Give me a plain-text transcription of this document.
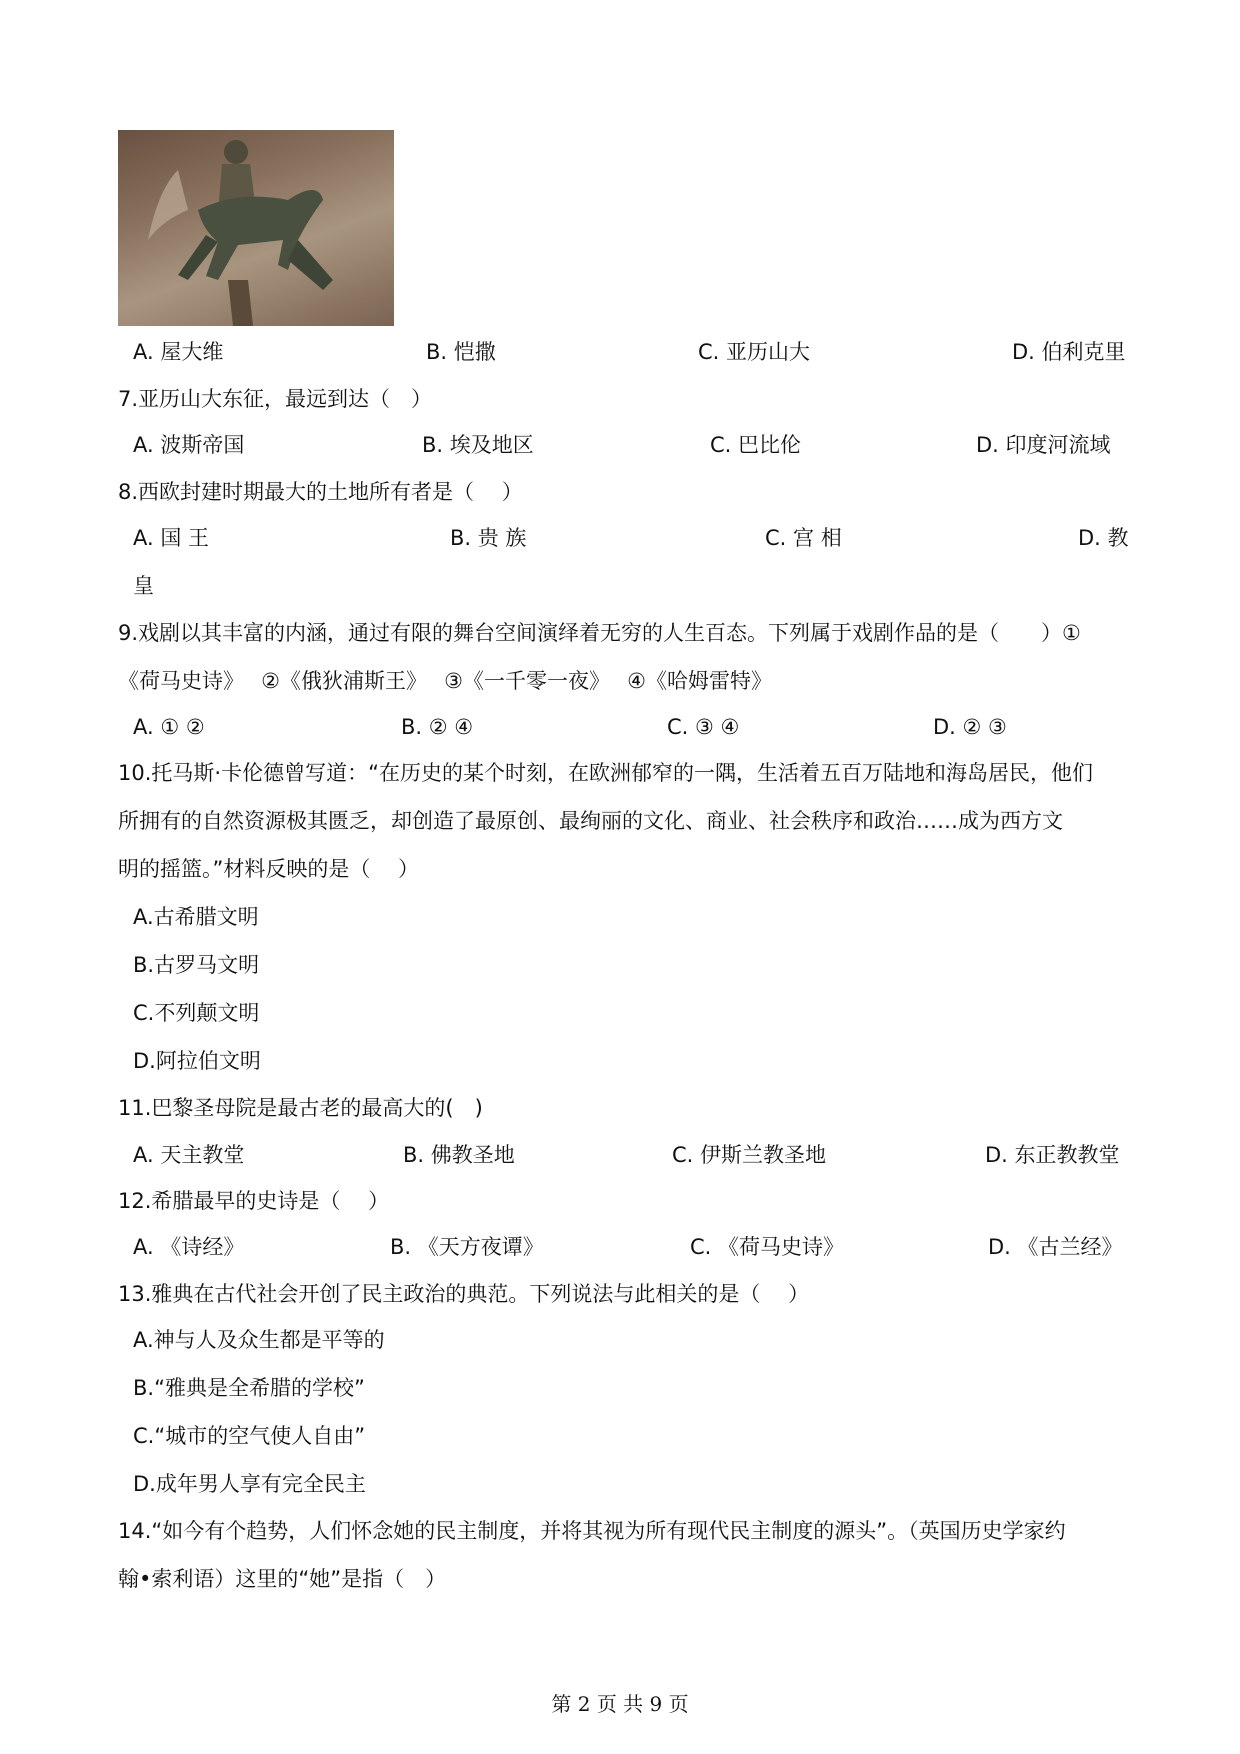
A. 屋大维	B. 恺撒	C. 亚历山大	D. 伯利克里
7.亚历山大东征，最远到达（　）
A. 波斯帝国	B. 埃及地区	C. 巴比伦	D. 印度河流域
8.西欧封建时期最大的土地所有者是（　 ）
A. 国 王	B. 贵 族	C. 宫 相	D. 教
皇
9.戏剧以其丰富的内涵，通过有限的舞台空间演绎着无穷的人生百态。下列属于戏剧作品的是（　　）①
《荷马史诗》　 ②《俄狄浦斯王》　 ③《一千零一夜》　 ④《哈姆雷特》
A. ① ②	B. ② ④	C. ③ ④	D. ② ③
10.托马斯·卡伦德曾写道：“在历史的某个时刻，在欧洲郁窄的一隅，生活着五百万陆地和海岛居民，他们
所拥有的自然资源极其匮乏，却创造了最原创、最绚丽的文化、商业、社会秩序和政治……成为西方文
明的摇篮。”材料反映的是（　 ）
A.古希腊文明
B.古罗马文明
C.不列颠文明
D.阿拉伯文明
11.巴黎圣母院是最古老的最高大的(　)
A. 天主教堂	B. 佛教圣地	C. 伊斯兰教圣地	D. 东正教教堂
12.希腊最早的史诗是（　 ）
A. 《诗经》	B. 《天方夜谭》	C. 《荷马史诗》	D. 《古兰经》
13.雅典在古代社会开创了民主政治的典范。下列说法与此相关的是（　 ）
A.神与人及众生都是平等的
B.“雅典是全希腊的学校”
C.“城市的空气使人自由”
D.成年男人享有完全民主
14.“如今有个趋势，人们怀念她的民主制度，并将其视为所有现代民主制度的源头”。（英国历史学家约
翰•索利语）这里的“她”是指（　）
第 2 页 共 9 页
